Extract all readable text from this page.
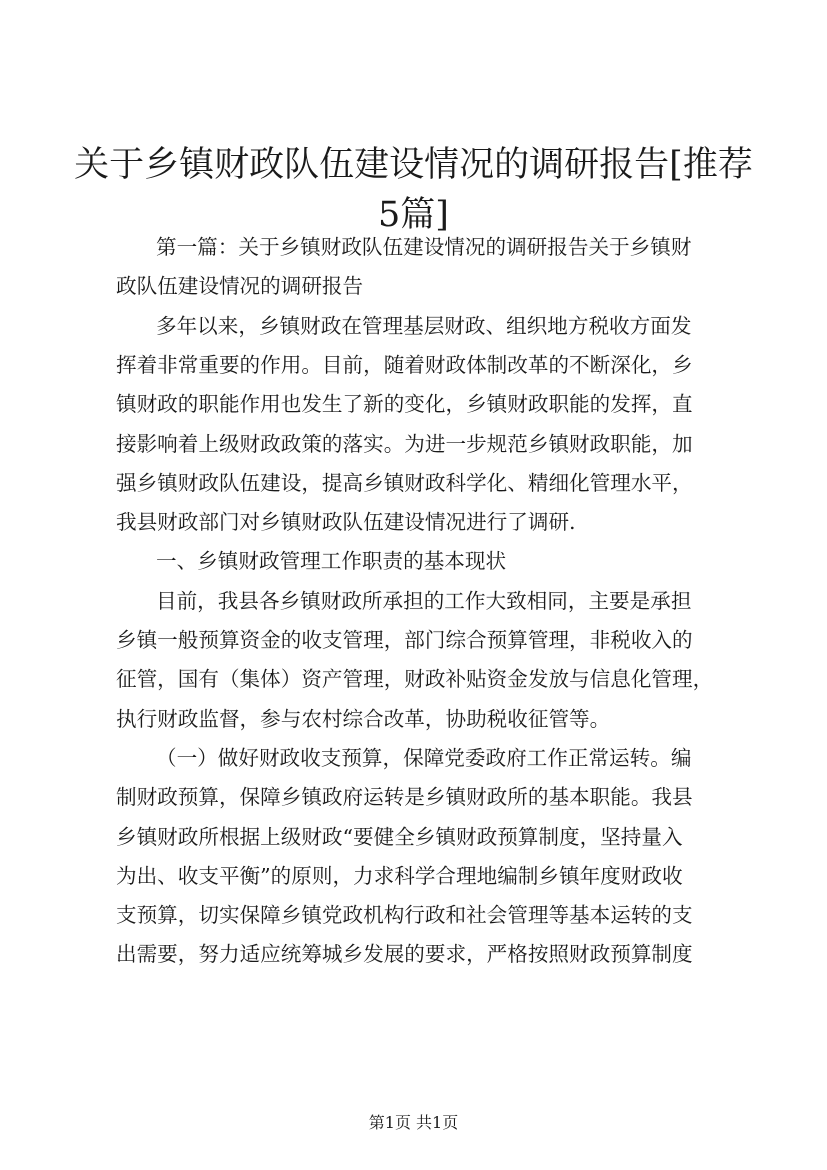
关于乡镇财政队伍建设情况的调研报告[推荐
5篇]
第一篇：关于乡镇财政队伍建设情况的调研报告关于乡镇财
政队伍建设情况的调研报告
多年以来，乡镇财政在管理基层财政、组织地方税收方面发
挥着非常重要的作用。目前，随着财政体制改革的不断深化，乡
镇财政的职能作用也发生了新的变化，乡镇财政职能的发挥，直
接影响着上级财政政策的落实。为进一步规范乡镇财政职能，加
强乡镇财政队伍建设，提高乡镇财政科学化、精细化管理水平，
我县财政部门对乡镇财政队伍建设情况进行了调研.
一、乡镇财政管理工作职责的基本现状
目前，我县各乡镇财政所承担的工作大致相同，主要是承担
乡镇一般预算资金的收支管理，部门综合预算管理，非税收入的
征管，国有（集体）资产管理，财政补贴资金发放与信息化管理，
执行财政监督，参与农村综合改革，协助税收征管等。
（一）做好财政收支预算，保障党委政府工作正常运转。编
制财政预算，保障乡镇政府运转是乡镇财政所的基本职能。我县
乡镇财政所根据上级财政“要健全乡镇财政预算制度，坚持量入
为出、收支平衡”的原则，力求科学合理地编制乡镇年度财政收
支预算，切实保障乡镇党政机构行政和社会管理等基本运转的支
出需要，努力适应统筹城乡发展的要求，严格按照财政预算制度
第1页 共1页
